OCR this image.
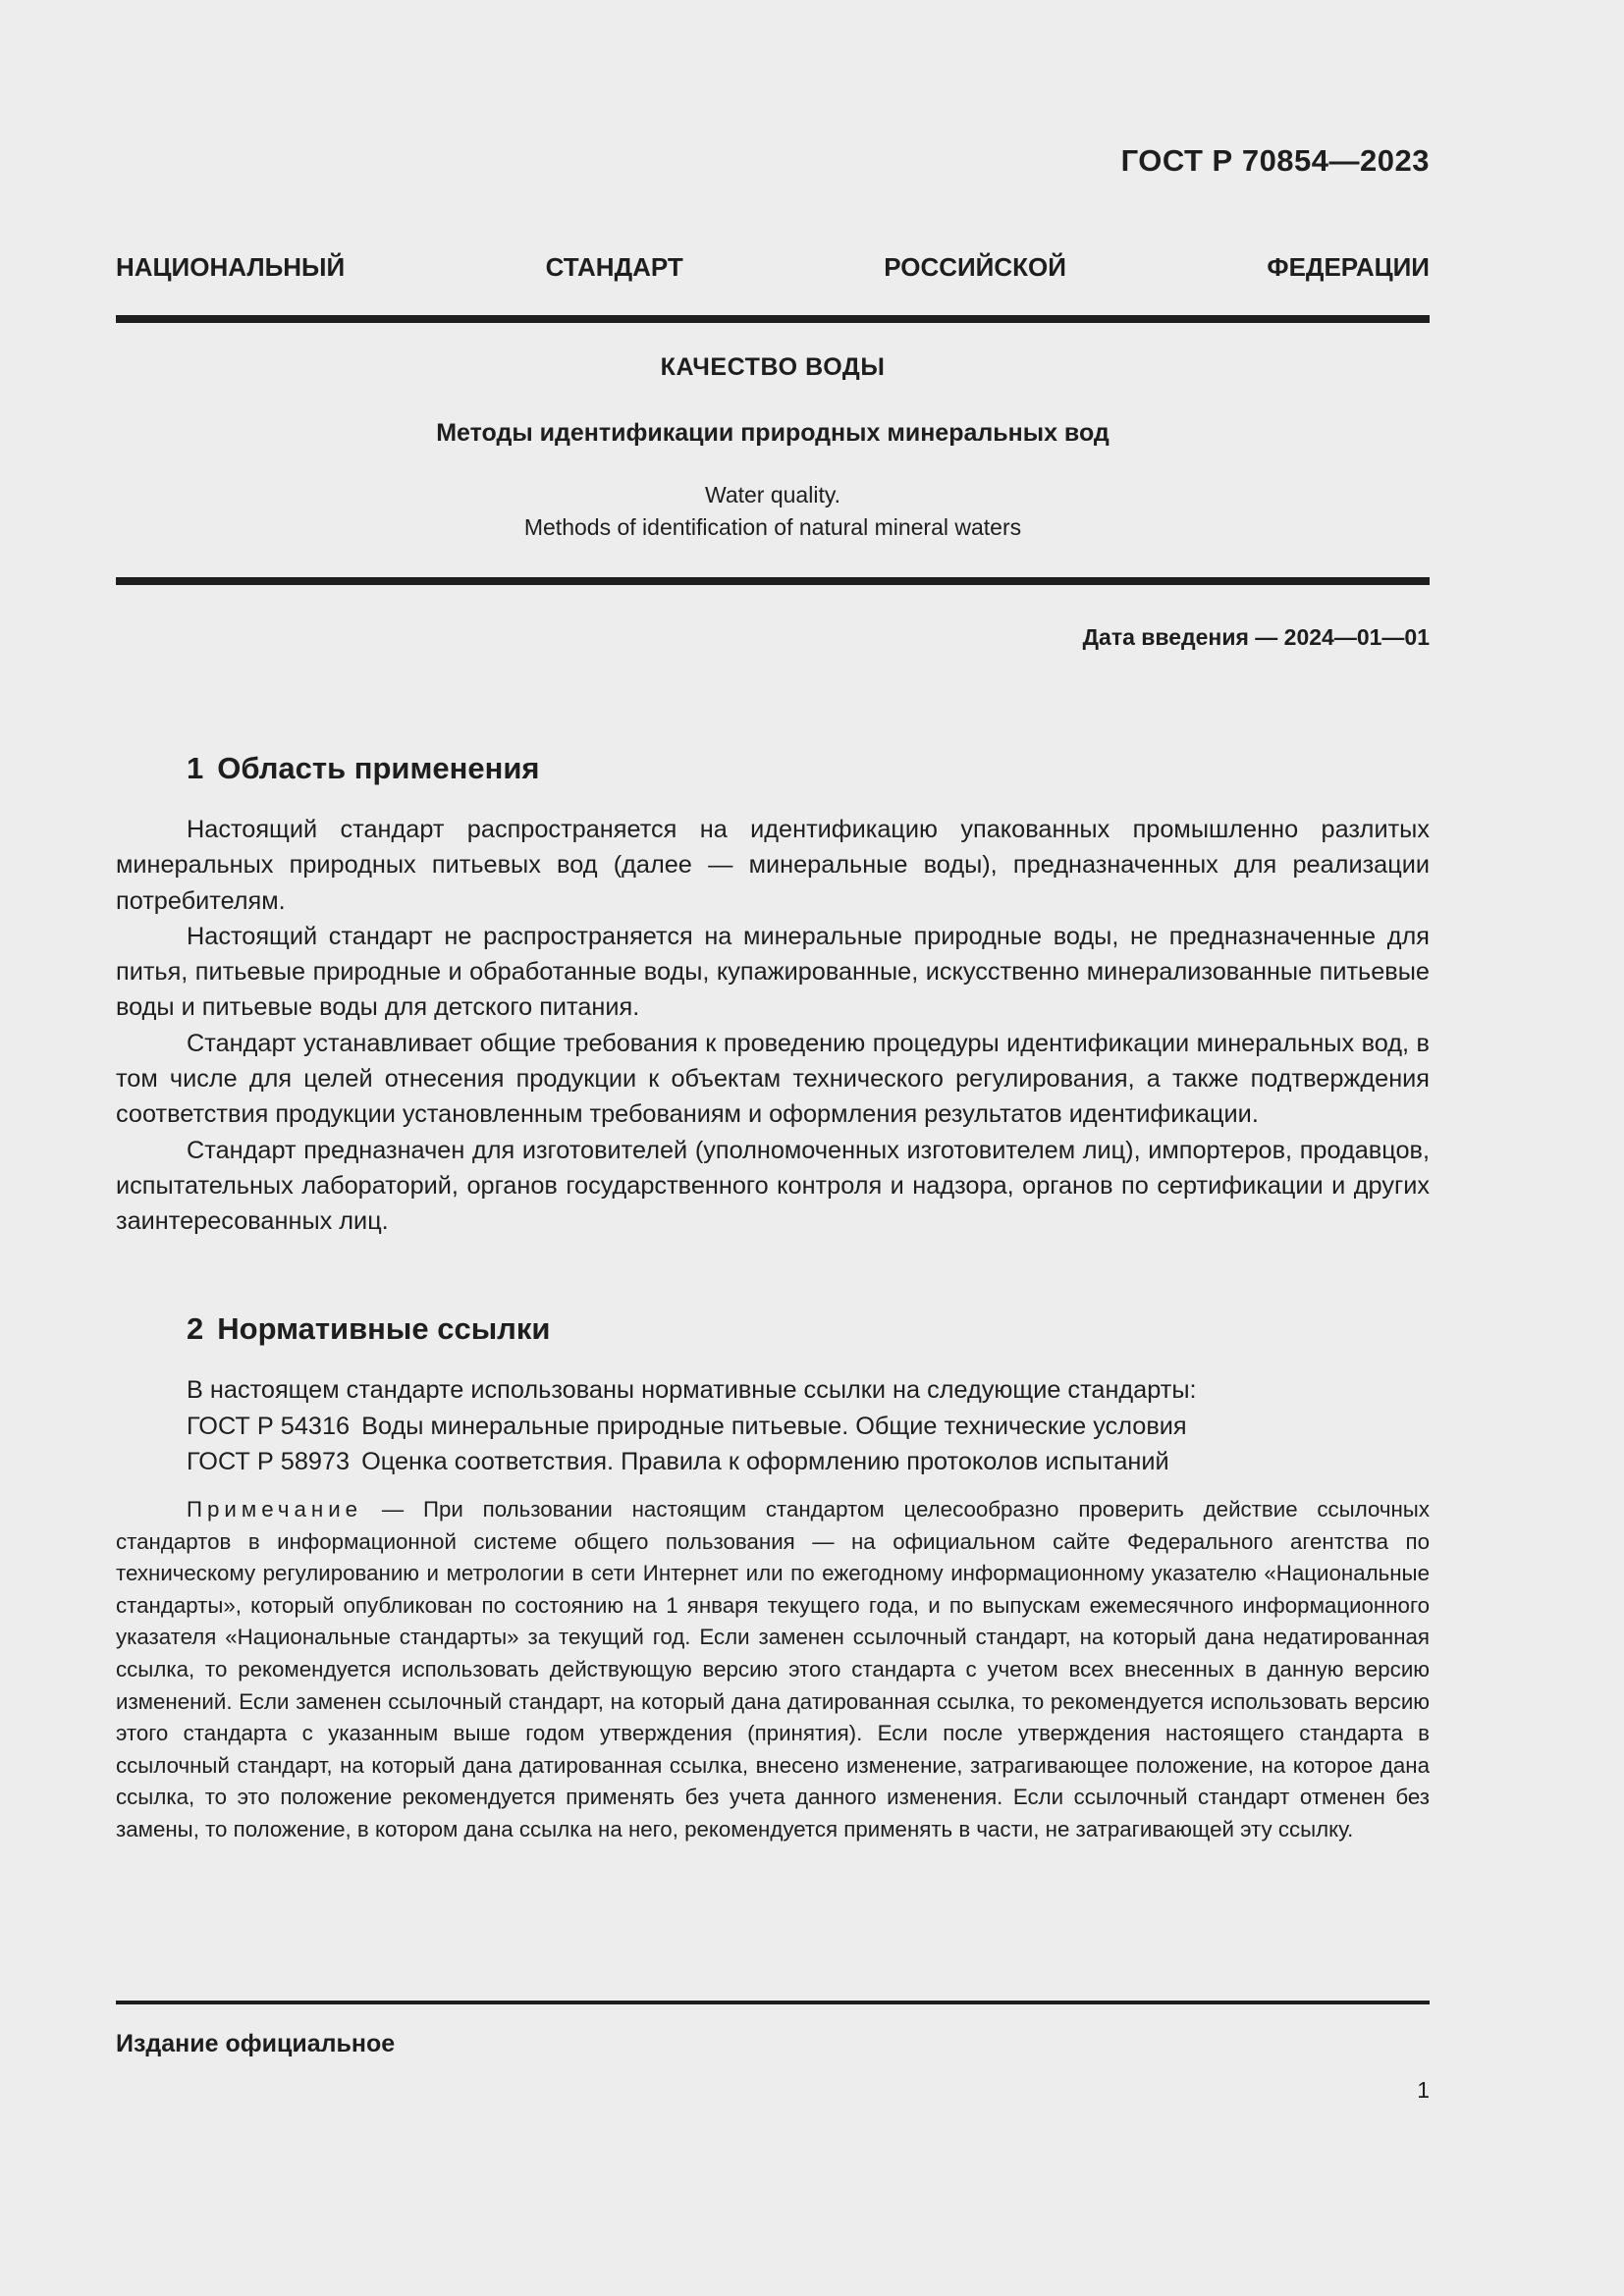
ГОСТ Р 70854—2023
НАЦИОНАЛЬНЫЙ СТАНДАРТ РОССИЙСКОЙ ФЕДЕРАЦИИ
КАЧЕСТВО ВОДЫ
Методы идентификации природных минеральных вод
Water quality.
Methods of identification of natural mineral waters
Дата введения — 2024—01—01
1 Область применения

Настоящий стандарт распространяется на идентификацию упакованных промышленно разлитых минеральных природных питьевых вод (далее — минеральные воды), предназначенных для реализации потребителям.

Настоящий стандарт не распространяется на минеральные природные воды, не предназначенные для питья, питьевые природные и обработанные воды, купажированные, искусственно минерализованные питьевые воды и питьевые воды для детского питания.

Стандарт устанавливает общие требования к проведению процедуры идентификации минеральных вод, в том числе для целей отнесения продукции к объектам технического регулирования, а также подтверждения соответствия продукции установленным требованиям и оформления результатов идентификации.

Стандарт предназначен для изготовителей (уполномоченных изготовителем лиц), импортеров, продавцов, испытательных лабораторий, органов государственного контроля и надзора, органов по сертификации и других заинтересованных лиц.

2 Нормативные ссылки
В настоящем стандарте использованы нормативные ссылки на следующие стандарты:
ГОСТ Р 54316 Воды минеральные природные питьевые. Общие технические условия
ГОСТ Р 58973 Оценка соответствия. Правила к оформлению протоколов испытаний
Примечание — При пользовании настоящим стандартом целесообразно проверить действие ссылочных стандартов в информационной системе общего пользования — на официальном сайте Федерального агентства по техническому регулированию и метрологии в сети Интернет или по ежегодному информационному указателю «Национальные стандарты», который опубликован по состоянию на 1 января текущего года, и по выпускам ежемесячного информационного указателя «Национальные стандарты» за текущий год. Если заменен ссылочный стандарт, на который дана недатированная ссылка, то рекомендуется использовать действующую версию этого стандарта с учетом всех внесенных в данную версию изменений. Если заменен ссылочный стандарт, на который дана датированная ссылка, то рекомендуется использовать версию этого стандарта с указанным выше годом утверждения (принятия). Если после утверждения настоящего стандарта в ссылочный стандарт, на который дана датированная ссылка, внесено изменение, затрагивающее положение, на которое дана ссылка, то это положение рекомендуется применять без учета данного изменения. Если ссылочный стандарт отменен без замены, то положение, в котором дана ссылка на него, рекомендуется применять в части, не затрагивающей эту ссылку.
Издание официальное
1
